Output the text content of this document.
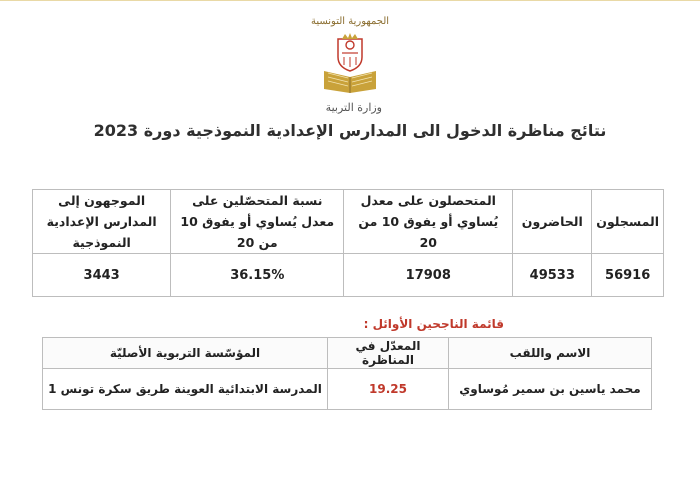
الجمهورية التونسية
وزارة التربية
نتائج مناظرة الدخول الى المدارس الإعدادية النموذجية دورة 2023
المسجلون	الحاضرون	المتحصلون على معدل يُساوي أو يفوق 10 من 20	نسبة المتحصّلين على معدل يُساوي أو يفوق 10 من 20	الموجهون إلى المدارس الإعدادية النموذجية
56916	49533	17908	36.15%	3443
قائمة الناجحين الأوائل :
الاسم واللقب	المعدّل في المناظرة	المؤسّسة التربوية الأصليّة
محمد ياسين بن سمير مُوساوي	19.25	المدرسة الابتدائية العوينة طريق سكرة تونس 1
